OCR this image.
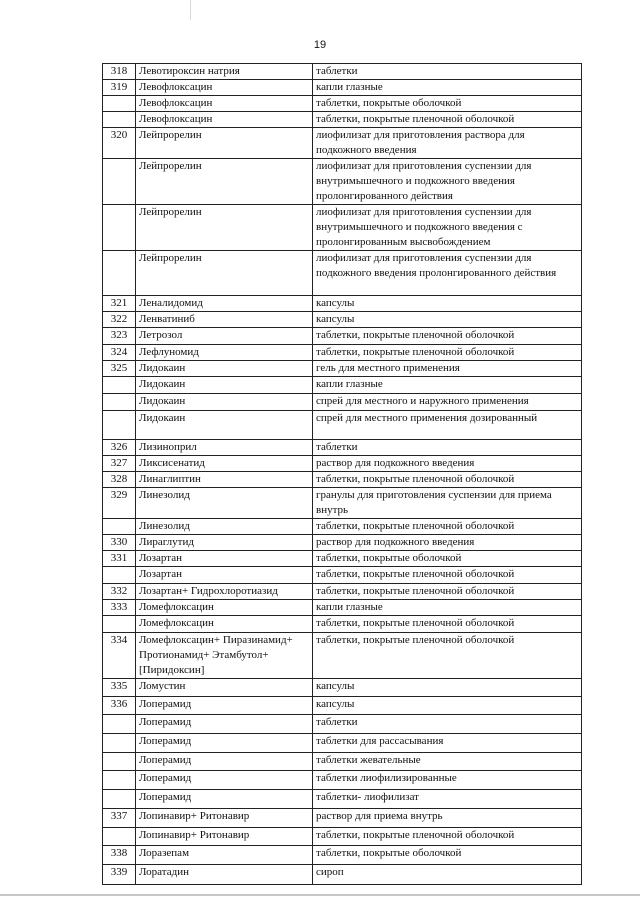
19
318	Левотироксин натрия	таблетки
319	Левофлоксацин	капли глазные
	Левофлоксацин	таблетки, покрытые оболочкой
	Левофлоксацин	таблетки, покрытые пленочной оболочкой
320	Лейпрорелин	лиофилизат для приготовления раствора для подкожного введения
	Лейпрорелин	лиофилизат для приготовления суспензии для внутримышечного и подкожного введения пролонгированного действия
	Лейпрорелин	лиофилизат для приготовления суспензии для внутримышечного и подкожного введения с пролонгированным высвобождением
	Лейпрорелин	лиофилизат для приготовления суспензии для подкожного введения пролонгированного действия
321	Леналидомид	капсулы
322	Ленватиниб	капсулы
323	Летрозол	таблетки, покрытые пленочной оболочкой
324	Лефлуномид	таблетки, покрытые пленочной оболочкой
325	Лидокаин	гель для местного применения
	Лидокаин	капли глазные
	Лидокаин	спрей для местного и наружного применения
	Лидокаин	спрей для местного применения дозированный
326	Лизиноприл	таблетки
327	Ликсисенатид	раствор для подкожного введения
328	Линаглиптин	таблетки, покрытые пленочной оболочкой
329	Линезолид	гранулы для приготовления суспензии для приема внутрь
	Линезолид	таблетки, покрытые пленочной оболочкой
330	Лираглутид	раствор для подкожного введения
331	Лозартан	таблетки, покрытые оболочкой
	Лозартан	таблетки, покрытые пленочной оболочкой
332	Лозартан+ Гидрохлоротиазид	таблетки, покрытые пленочной оболочкой
333	Ломефлоксацин	капли глазные
	Ломефлоксацин	таблетки, покрытые пленочной оболочкой
334	Ломефлоксацин+ Пиразинамид+ Протионамид+ Этамбутол+ [Пиридоксин]	таблетки, покрытые пленочной оболочкой
335	Ломустин	капсулы
336	Лоперамид	капсулы
	Лоперамид	таблетки
	Лоперамид	таблетки для рассасывания
	Лоперамид	таблетки жевательные
	Лоперамид	таблетки лиофилизированные
	Лоперамид	таблетки- лиофилизат
337	Лопинавир+ Ритонавир	раствор для приема внутрь
	Лопинавир+ Ритонавир	таблетки, покрытые пленочной оболочкой
338	Лоразепам	таблетки, покрытые оболочкой
339	Лоратадин	сироп
